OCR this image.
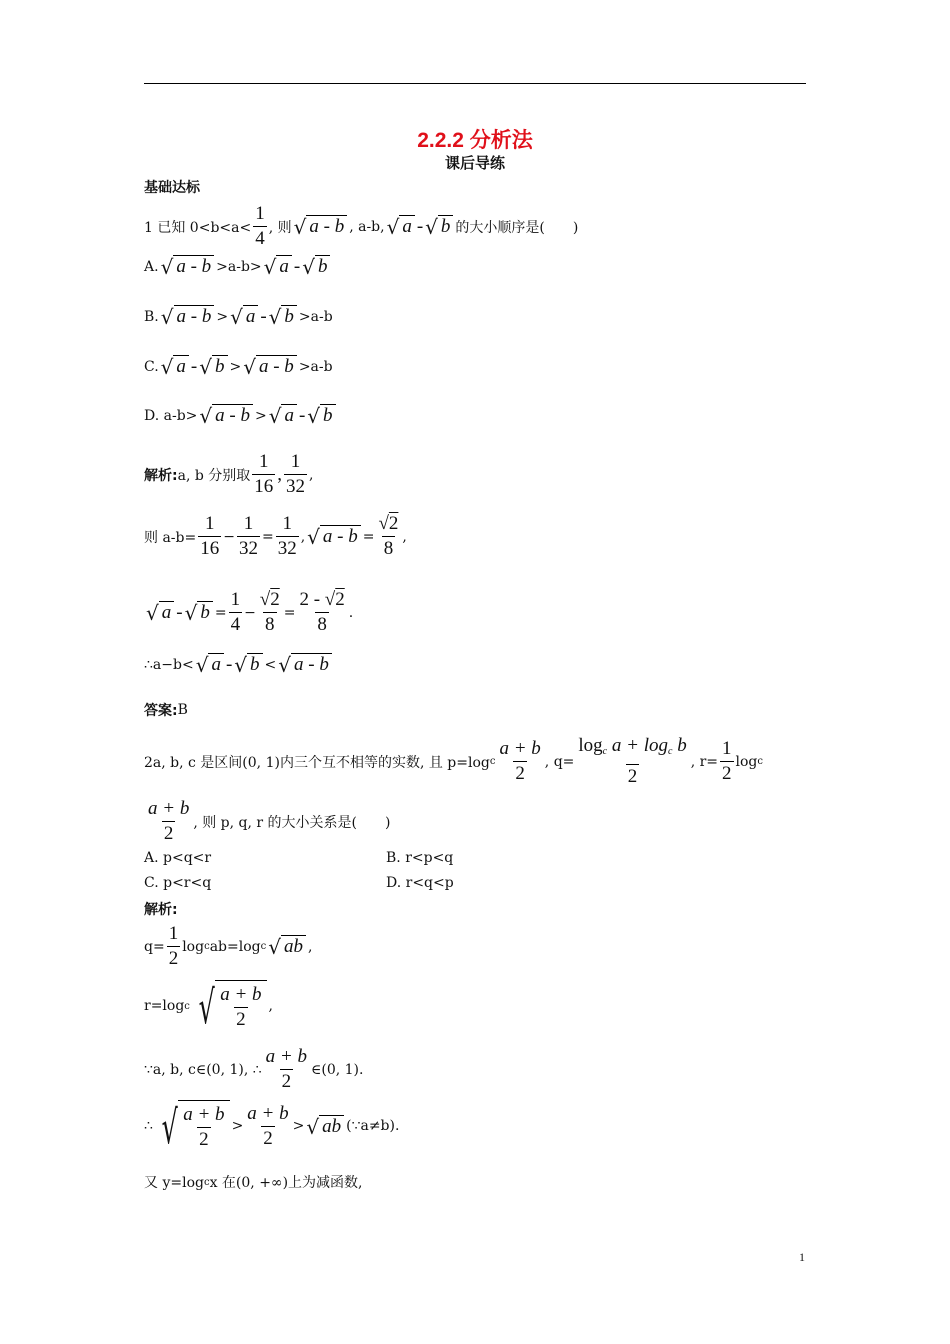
2.2.2 分析法
课后导练
基础达标
1 已知 $0<b<a< \frac{1}{4}$ , 则 √ a - b , a-b, √ a - √ b 的大小顺序是(　　)
A. √ a - b >a-b> √ a - √ b
B. √ a - b > √ a - √ b >a-b
C. √ a - √ b > √ a - b >a-b
D. a-b> √ a - b > √ a - √ b
解析: a, b 分别取 $\frac{1}{16}$ , $\frac{1}{32}$ ,
则 $a-b= \frac{1}{16} - \frac{1}{32} = \frac{1}{32}$ , √ $a - b = \frac{√2}{8}$ ,
√ a - √ $b = \frac{1}{4} - \frac{√2}{8} = \frac{2 - √2}{8}$ .
∴a−b< √ a - √ b < √ a - b
答案: B
2a, b, c 是区间(0, 1)内三个互不相等的实数, 且 p=log c $\frac{a + b}{2}$ , $q= \frac{\log_c a + \log_c b}{2}$ , $r= \frac{1}{2}$ log c
$\frac{a + b}{2}$ , 则 p, q, r 的大小关系是(　　)
A. p<q<r	B. r<p<q
C. p<r<q	D. r<q<p
解析:
$q= \frac{1}{2}$ log c ab=log c √ ab ,
r=log c √ $\frac{a + b}{2}$ ,
∵a, b, c∈(0, 1), ∴ $\frac{a + b}{2}$ ∈(0, 1).
∴ √ $\frac{a + b}{2} > \frac{a + b}{2}$ > √ ab (∵a≠b).
又 y=log c x 在(0, +∞)上为减函数,
1
